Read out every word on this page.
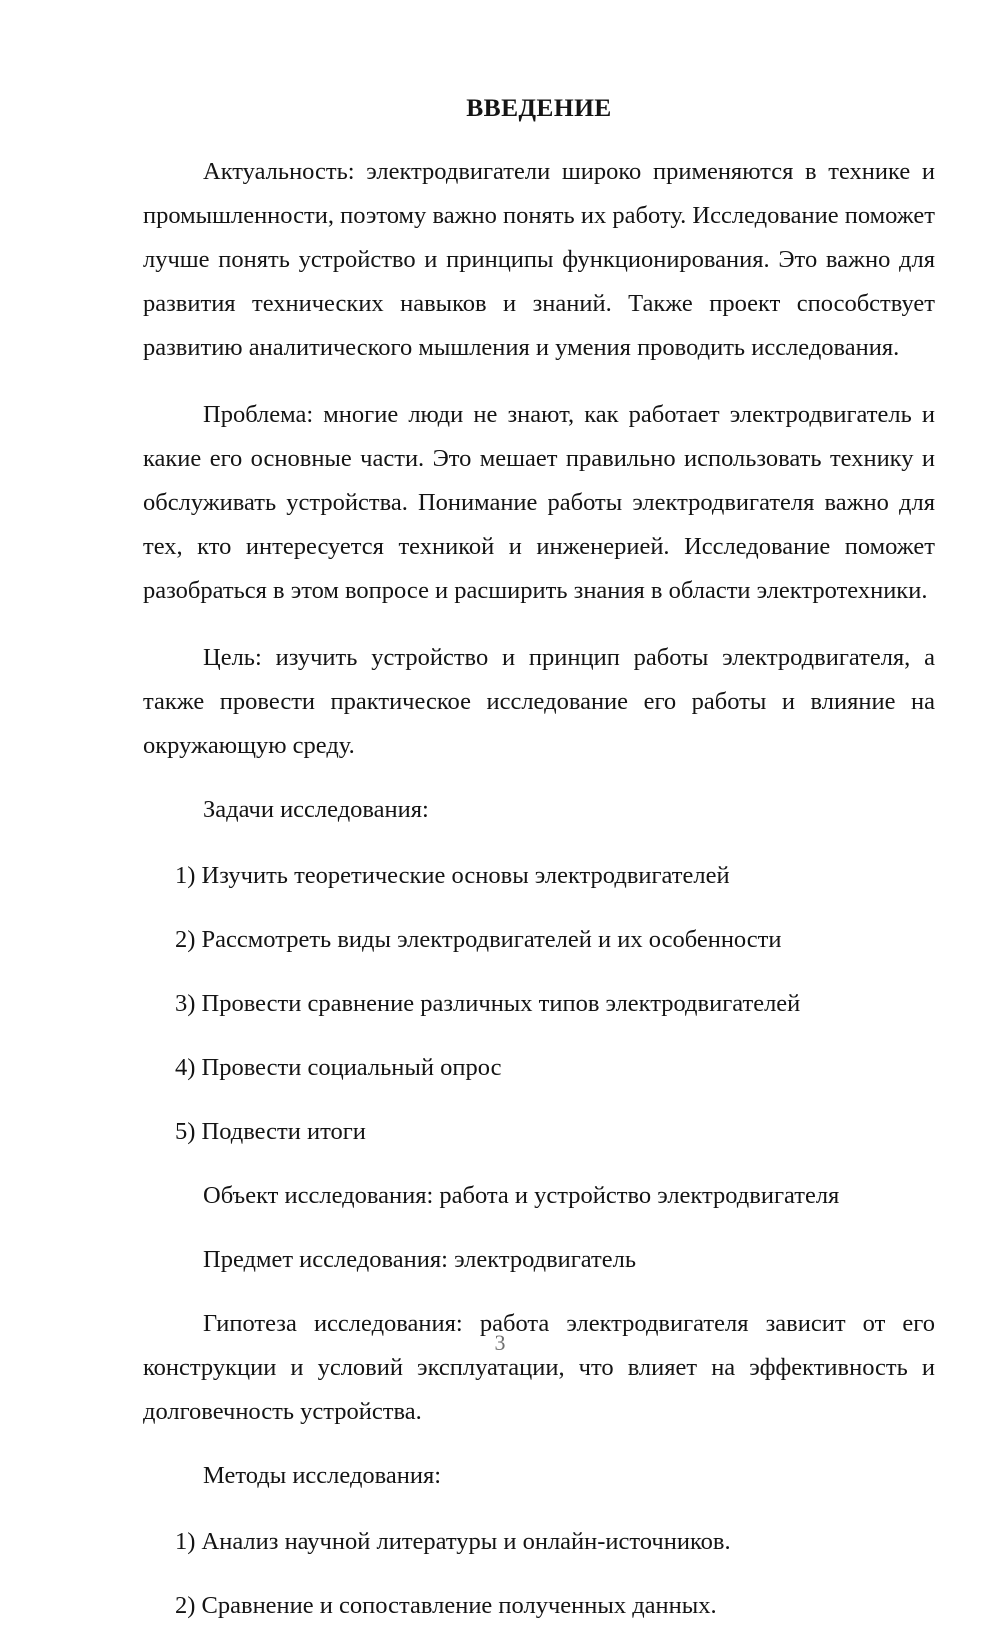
ВВЕДЕНИЕ

Актуальность: электродвигатели широко применяются в технике и промышленности, поэтому важно понять их работу. Исследование поможет лучше понять устройство и принципы функционирования. Это важно для развития технических навыков и знаний. Также проект способствует развитию аналитического мышления и умения проводить исследования.

Проблема: многие люди не знают, как работает электродвигатель и какие его основные части. Это мешает правильно использовать технику и обслуживать устройства. Понимание работы электродвигателя важно для тех, кто интересуется техникой и инженерией. Исследование поможет разобраться в этом вопросе и расширить знания в области электротехники.

Цель: изучить устройство и принцип работы электродвигателя, а также провести практическое исследование его работы и влияние на окружающую среду.

Задачи исследования:

1) Изучить теоретические основы электродвигателей

2) Рассмотреть виды электродвигателей и их особенности

3) Провести сравнение различных типов электродвигателей

4) Провести социальный опрос

5) Подвести итоги

Объект исследования: работа и устройство электродвигателя

Предмет исследования: электродвигатель

Гипотеза исследования: работа электродвигателя зависит от его конструкции и условий эксплуатации, что влияет на эффективность и долговечность устройства.

Методы исследования:

1) Анализ научной литературы и онлайн-источников.

2) Сравнение и сопоставление полученных данных.

3
